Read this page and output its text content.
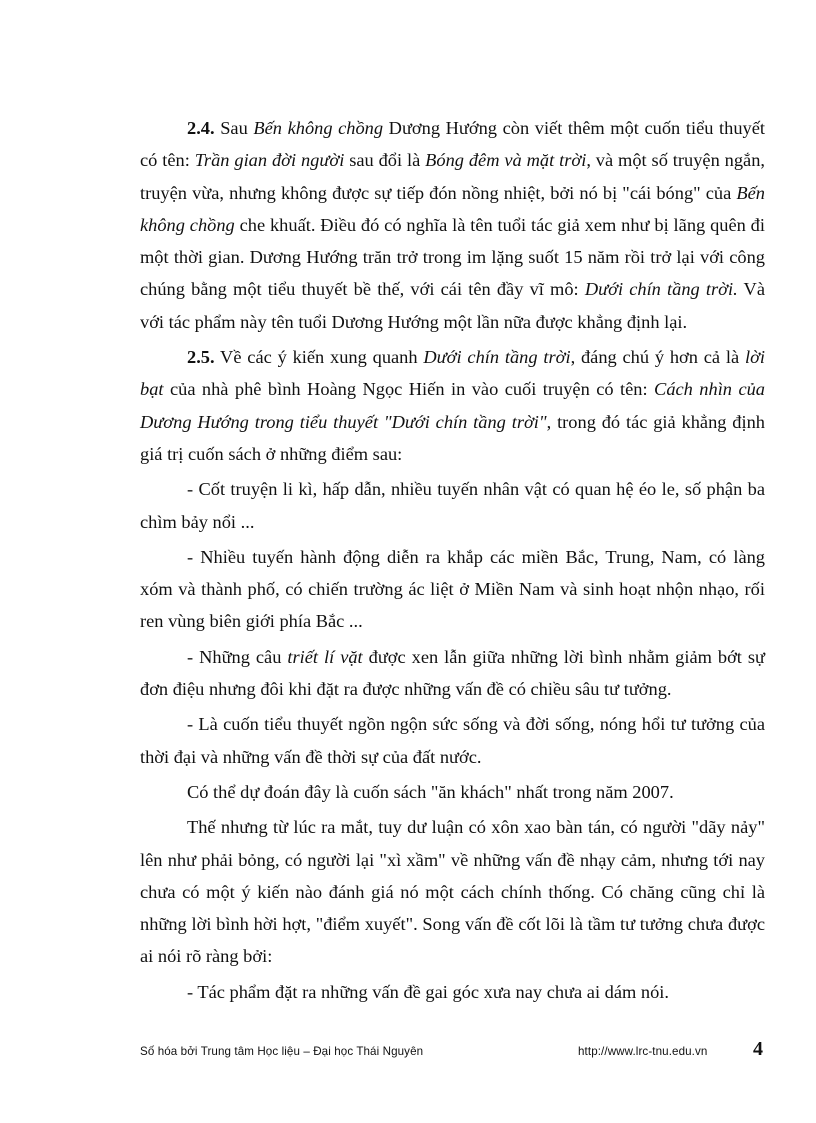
2.4. Sau Bến không chồng Dương Hướng còn viết thêm một cuốn tiểu thuyết có tên: Trần gian đời người sau đổi là Bóng đêm và mặt trời, và một số truyện ngắn, truyện vừa, nhưng không được sự tiếp đón nồng nhiệt, bởi nó bị "cái bóng" của Bến không chồng che khuất. Điều đó có nghĩa là tên tuổi tác giả xem như bị lãng quên đi một thời gian. Dương Hướng trăn trở trong im lặng suốt 15 năm rồi trở lại với công chúng bằng một tiểu thuyết bề thế, với cái tên đầy vĩ mô: Dưới chín tầng trời. Và với tác phẩm này tên tuổi Dương Hướng một lần nữa được khẳng định lại.

2.5. Về các ý kiến xung quanh Dưới chín tầng trời, đáng chú ý hơn cả là lời bạt của nhà phê bình Hoàng Ngọc Hiến in vào cuối truyện có tên: Cách nhìn của Dương Hướng trong tiểu thuyết "Dưới chín tầng trời", trong đó tác giả khẳng định giá trị cuốn sách ở những điểm sau:

- Cốt truyện li kì, hấp dẫn, nhiều tuyến nhân vật có quan hệ éo le, số phận ba chìm bảy nổi ...

- Nhiều tuyến hành động diễn ra khắp các miền Bắc, Trung, Nam, có làng xóm và thành phố, có chiến trường ác liệt ở Miền Nam và sinh hoạt nhộn nhạo, rối ren vùng biên giới phía Bắc ...

- Những câu triết lí vặt được xen lẫn giữa những lời bình nhằm giảm bớt sự đơn điệu nhưng đôi khi đặt ra được những vấn đề có chiều sâu tư tưởng.

- Là cuốn tiểu thuyết ngồn ngộn sức sống và đời sống, nóng hổi tư tưởng của thời đại và những vấn đề thời sự của đất nước.

Có thể dự đoán đây là cuốn sách "ăn khách" nhất trong năm 2007.

Thế nhưng từ lúc ra mắt, tuy dư luận có xôn xao bàn tán, có người "dãy nảy" lên như phải bỏng, có người lại "xì xầm" về những vấn đề nhạy cảm, nhưng tới nay chưa có một ý kiến nào đánh giá nó một cách chính thống. Có chăng cũng chỉ là những lời bình hời hợt, "điểm xuyết". Song vấn đề cốt lõi là tầm tư tưởng chưa được ai nói rõ ràng bởi:

- Tác phẩm đặt ra những vấn đề gai góc xưa nay chưa ai dám nói.

Số hóa bởi Trung tâm Học liệu – Đại học Thái Nguyên	http://www.lrc-tnu.edu.vn 4
